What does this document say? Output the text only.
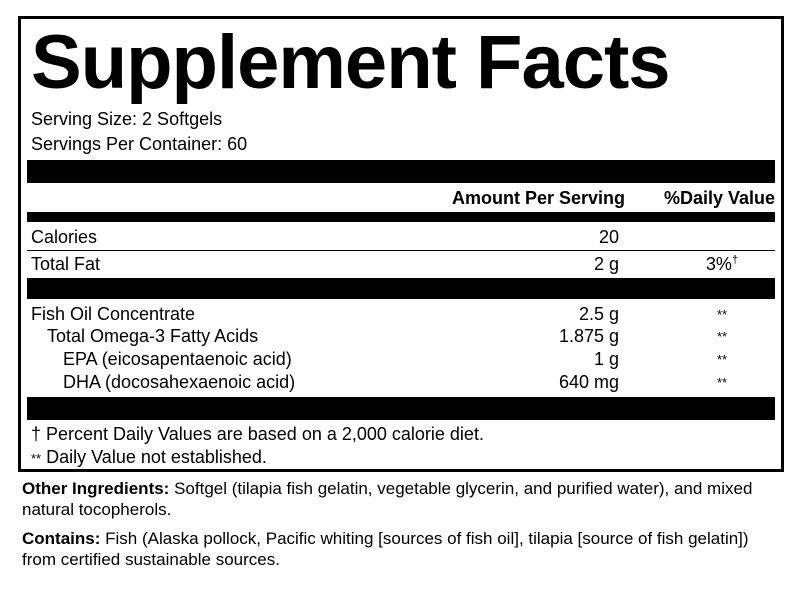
Supplement Facts
Serving Size: 2 Softgels
Servings Per Container: 60
Amount Per Serving %Daily Value
Calories	20
Total Fat	2 g	3%†
Fish Oil Concentrate	2.5 g	**
Total Omega-3 Fatty Acids	1.875 g	**
EPA (eicosapentaenoic acid)	1 g	**
DHA (docosahexaenoic acid)	640 mg	**
† Percent Daily Values are based on a 2,000 calorie diet.
** Daily Value not established.
Other Ingredients: Softgel (tilapia fish gelatin, vegetable glycerin, and purified water), and mixed natural tocopherols.
Contains: Fish (Alaska pollock, Pacific whiting [sources of fish oil], tilapia [source of fish gelatin]) from certified sustainable sources.
